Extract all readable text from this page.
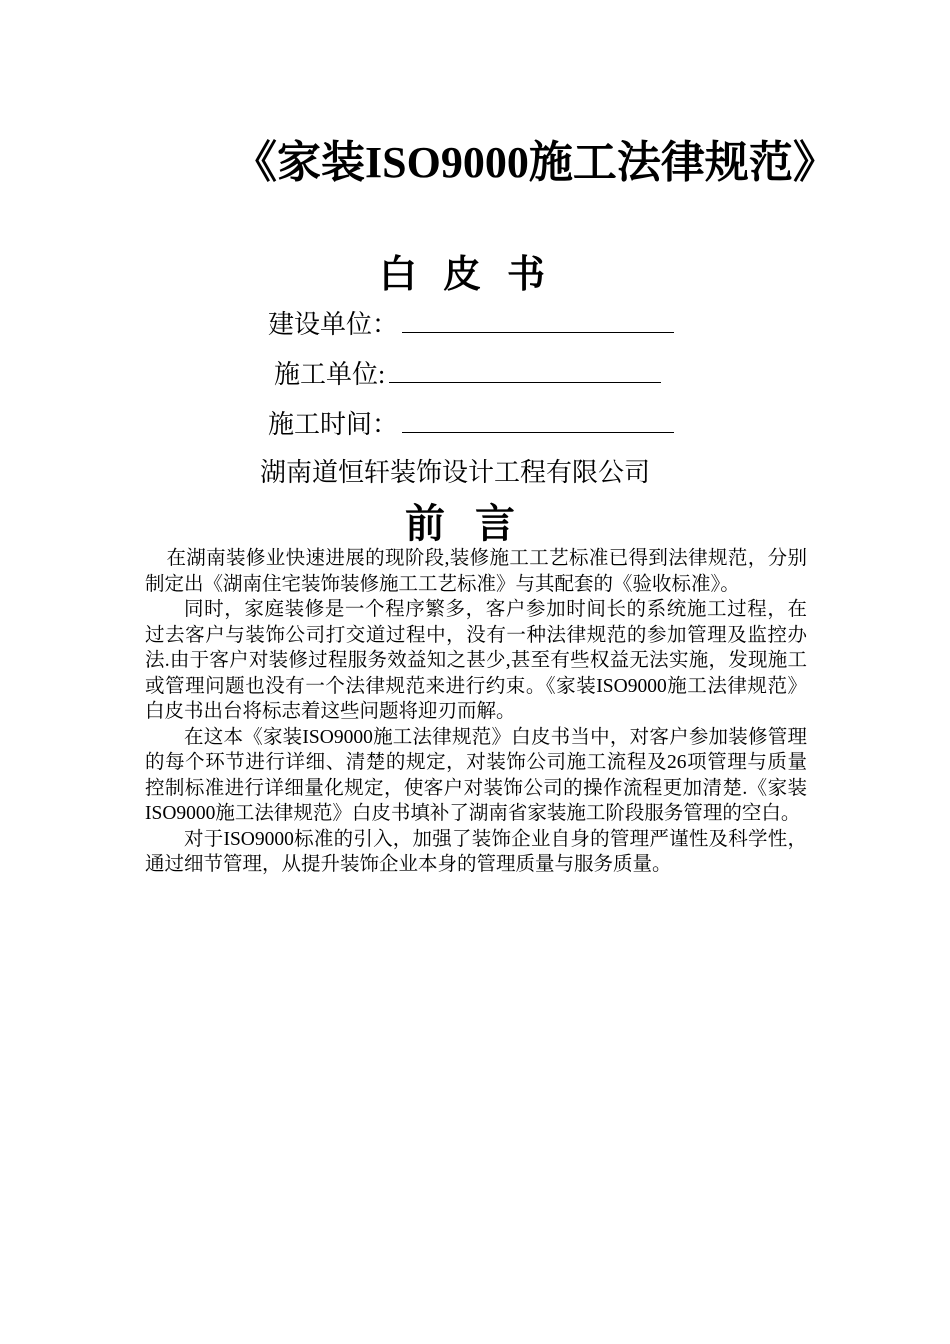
《家装ISO9000施工法律规范》
白皮书
建设单位：
施工单位:
施工时间：
湖南道恒轩装饰设计工程有限公司
前言

在湖南装修业快速进展的现阶段,装修施工工艺标准已得到法律规范，分别制定出《湖南住宅装饰装修施工工艺标准》与其配套的《验收标准》。

同时，家庭装修是一个程序繁多，客户参加时间长的系统施工过程，在过去客户与装饰公司打交道过程中，没有一种法律规范的参加管理及监控办法.由于客户对装修过程服务效益知之甚少,甚至有些权益无法实施，发现施工或管理问题也没有一个法律规范来进行约束。《家装ISO9000施工法律规范》白皮书出台将标志着这些问题将迎刃而解。

在这本《家装ISO9000施工法律规范》白皮书当中，对客户参加装修管理的每个环节进行详细、清楚的规定，对装饰公司施工流程及26项管理与质量控制标准进行详细量化规定，使客户对装饰公司的操作流程更加清楚.《家装ISO9000施工法律规范》白皮书填补了湖南省家装施工阶段服务管理的空白。

对于ISO9000标准的引入，加强了装饰企业自身的管理严谨性及科学性，通过细节管理，从提升装饰企业本身的管理质量与服务质量。
